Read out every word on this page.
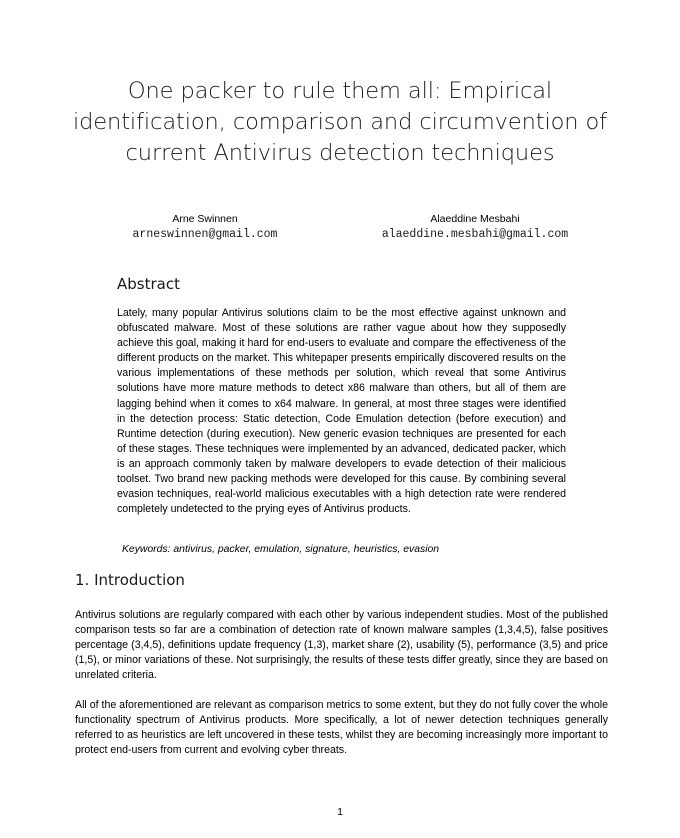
One packer to rule them all: Empirical
identification, comparison and circumvention of
current Antivirus detection techniques
Arne Swinnen
arneswinnen@gmail.com
Alaeddine Mesbahi
alaeddine.mesbahi@gmail.com
Abstract
Lately, many popular Antivirus solutions claim to be the most effective against unknown and obfuscated malware. Most of these solutions are rather vague about how they supposedly achieve this goal, making it hard for end-users to evaluate and compare the effectiveness of the different products on the market. This whitepaper presents empirically discovered results on the various implementations of these methods per solution, which reveal that some Antivirus solutions have more mature methods to detect x86 malware than others, but all of them are lagging behind when it comes to x64 malware. In general, at most three stages were identified in the detection process: Static detection, Code Emulation detection (before execution) and Runtime detection (during execution). New generic evasion techniques are presented for each of these stages. These techniques were implemented by an advanced, dedicated packer, which is an approach commonly taken by malware developers to evade detection of their malicious toolset. Two brand new packing methods were developed for this cause. By combining several evasion techniques, real-world malicious executables with a high detection rate were rendered completely undetected to the prying eyes of Antivirus products.
Keywords: antivirus, packer, emulation, signature, heuristics, evasion
1. Introduction
Antivirus solutions are regularly compared with each other by various independent studies. Most of the published comparison tests so far are a combination of detection rate of known malware samples (1,3,4,5), false positives percentage (3,4,5), definitions update frequency (1,3), market share (2), usability (5), performance (3,5) and price (1,5), or minor variations of these. Not surprisingly, the results of these tests differ greatly, since they are based on unrelated criteria.
All of the aforementioned are relevant as comparison metrics to some extent, but they do not fully cover the whole functionality spectrum of Antivirus products. More specifically, a lot of newer detection techniques generally referred to as heuristics are left uncovered in these tests, whilst they are becoming increasingly more important to protect end-users from current and evolving cyber threats.
1
